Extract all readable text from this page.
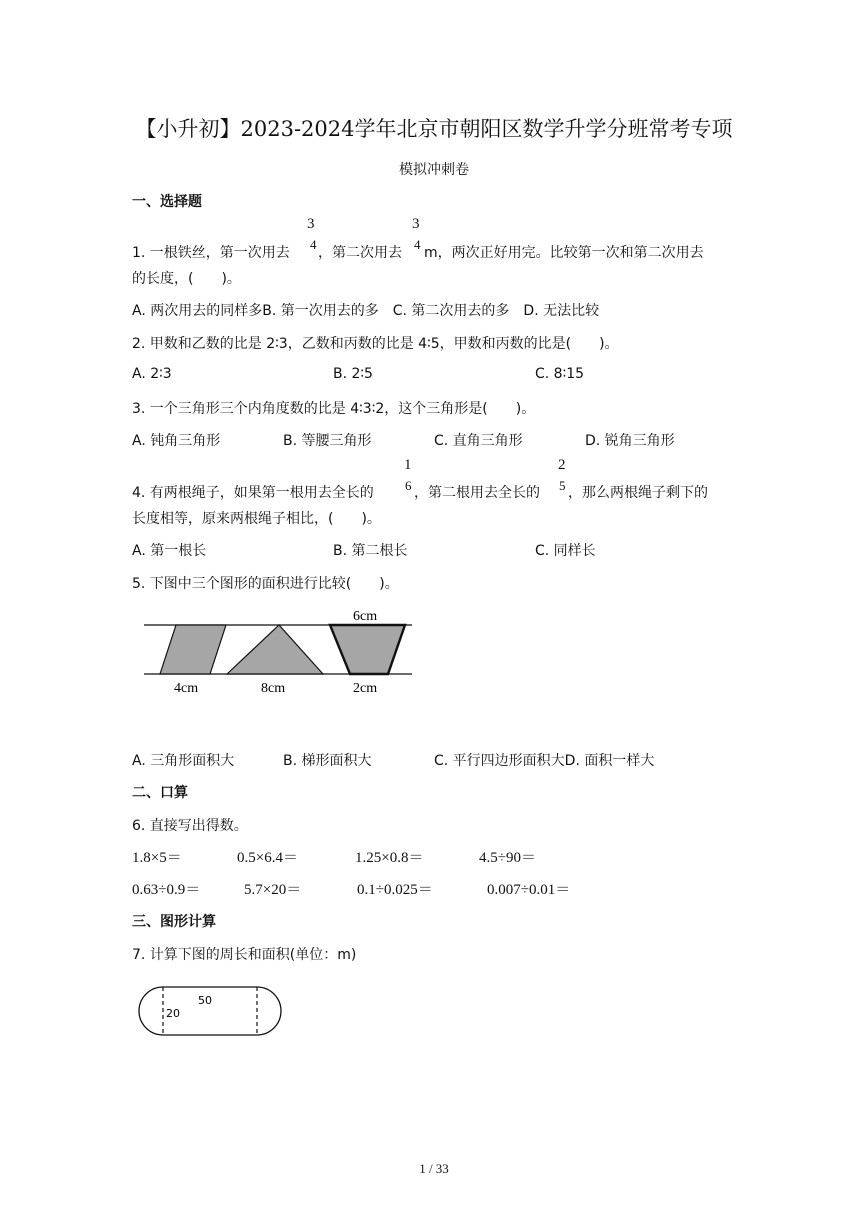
【小升初】2023-2024学年北京市朝阳区数学升学分班常考专项
模拟冲刺卷
一、选择题
1. 一根铁丝，第一次用去
3
4
，第二次用去
3
4
m，两次正好用完。比较第一次和第二次用去
的长度，(　　)。
A. 两次用去的同样多B. 第一次用去的多　C. 第二次用去的多　D. 无法比较
2. 甲数和乙数的比是 2∶3，乙数和丙数的比是 4∶5，甲数和丙数的比是(　　)。
A. 2∶3	B. 2∶5	C. 8∶15
3. 一个三角形三个内角度数的比是 4∶3∶2，这个三角形是(　　)。
A. 钝角三角形	B. 等腰三角形	C. 直角三角形	D. 锐角三角形
4. 有两根绳子，如果第一根用去全长的
1
6 ，第二根用去全长的
2
5 ，那么两根绳子剩下的
长度相等，原来两根绳子相比，(　　)。
A. 第一根长	B. 第二根长	C. 同样长
5. 下图中三个图形的面积进行比较(　　)。
6cm
4cm	8cm	2cm
A. 三角形面积大	B. 梯形面积大	C. 平行四边形面积大D. 面积一样大
二、口算
6. 直接写出得数。
1.8×5＝	0.5×6.4＝	1.25×0.8＝	4.5÷90＝
0.63÷0.9＝	5.7×20＝	0.1÷0.025＝	0.007÷0.01＝
三、图形计算
7. 计算下图的周长和面积(单位：m)
50
20
1 / 33
